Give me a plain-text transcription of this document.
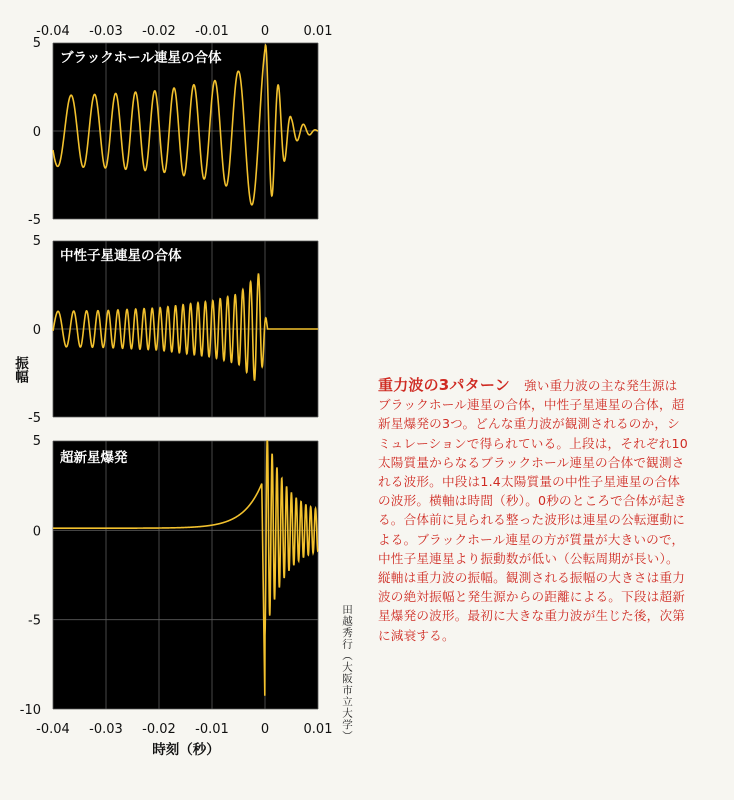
-0.04 -0.03 -0.02 -0.01 0	0.01
5
0
-5
ブラックホール連星の合体
5
0
-5
中性子星連星の合体
5
0
-5
-10
超新星爆発
-0.04 -0.03 -0.02 -0.01 0	0.01
時刻（秒）
振幅
田越秀行（大阪市立大学）
重力波の3パターン 強い重力波の主な発生源はブラックホール連星の合体，中性子星連星の合体，超新星爆発の3つ。どんな重力波が観測されるのか，シミュレーションで得られている。上段は，それぞれ10太陽質量からなるブラックホール連星の合体で観測される波形。中段は1.4太陽質量の中性子星連星の合体の波形。横軸は時間（秒）。0秒のところで合体が起きる。合体前に見られる整った波形は連星の公転運動による。ブラックホール連星の方が質量が大きいので，中性子星連星より振動数が低い（公転周期が長い）。縦軸は重力波の振幅。観測される振幅の大きさは重力波の絶対振幅と発生源からの距離による。下段は超新星爆発の波形。最初に大きな重力波が生じた後，次第に減衰する。
